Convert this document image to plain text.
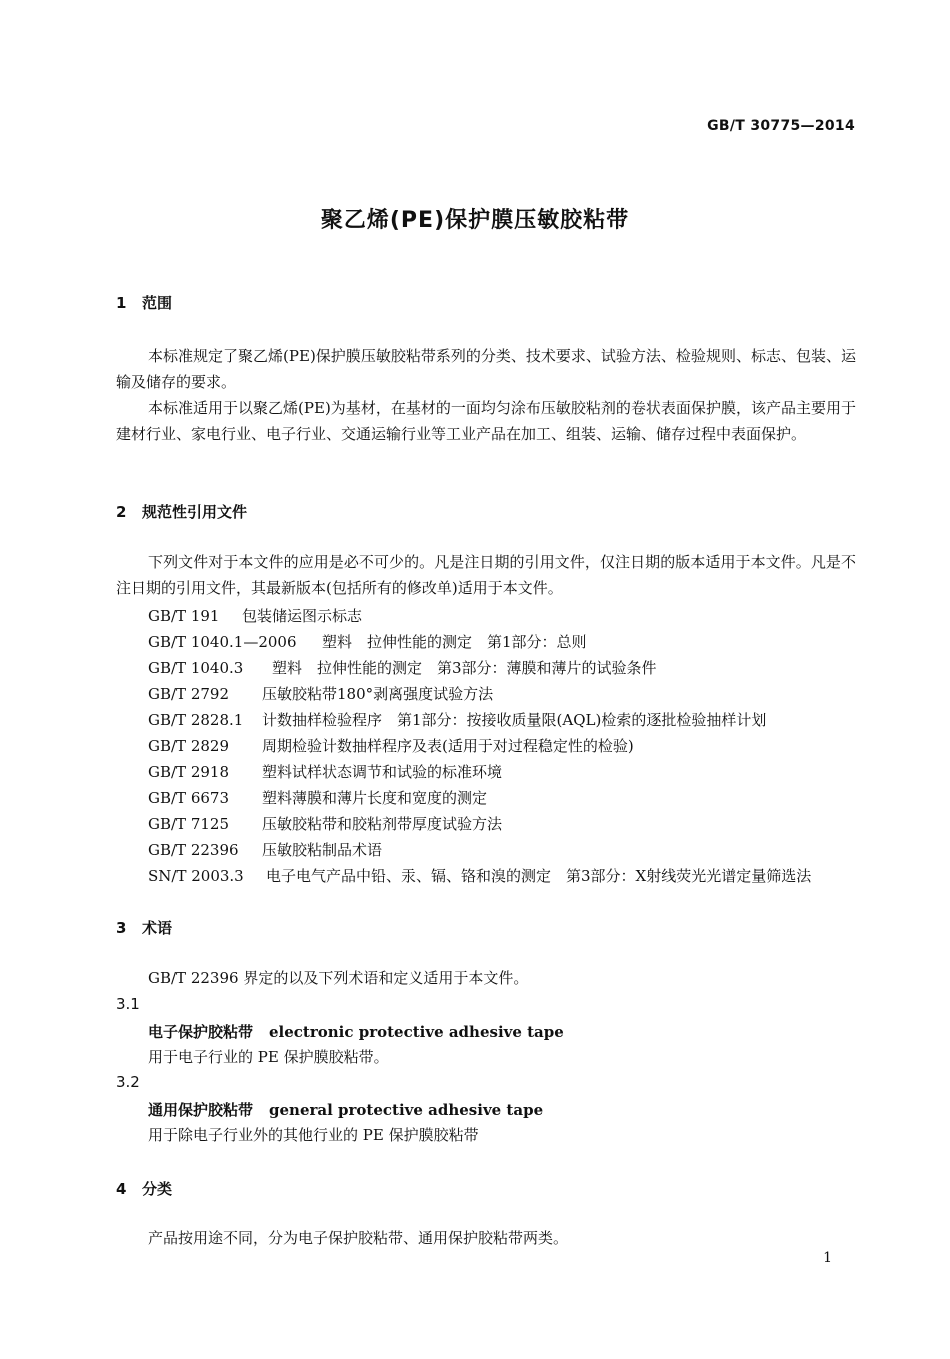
GB/T 30775—2014
聚乙烯(PE)保护膜压敏胶粘带
1 范围

本标准规定了聚乙烯(PE)保护膜压敏胶粘带系列的分类、技术要求、试验方法、检验规则、标志、包装、运输及储存的要求。

本标准适用于以聚乙烯(PE)为基材，在基材的一面均匀涂布压敏胶粘剂的卷状表面保护膜，该产品主要用于建材行业、家电行业、电子行业、交通运输行业等工业产品在加工、组装、运输、储存过程中表面保护。

2 规范性引用文件

下列文件对于本文件的应用是必不可少的。凡是注日期的引用文件，仅注日期的版本适用于本文件。凡是不注日期的引用文件，其最新版本(包括所有的修改单)适用于本文件。

GB/T 191 包装储运图示标志
GB/T 1040.1—2006 塑料　拉伸性能的测定　第1部分：总则
GB/T 1040.3 塑料　拉伸性能的测定　第3部分：薄膜和薄片的试验条件
GB/T 2792 压敏胶粘带180°剥离强度试验方法
GB/T 2828.1 计数抽样检验程序　第1部分：按接收质量限(AQL)检索的逐批检验抽样计划
GB/T 2829 周期检验计数抽样程序及表(适用于对过程稳定性的检验)
GB/T 2918 塑料试样状态调节和试验的标准环境
GB/T 6673 塑料薄膜和薄片长度和宽度的测定
GB/T 7125 压敏胶粘带和胶粘剂带厚度试验方法
GB/T 22396 压敏胶粘制品术语
SN/T 2003.3 电子电气产品中铅、汞、镉、铬和溴的测定　第3部分：X射线荧光光谱定量筛选法
3 术语
GB/T 22396 界定的以及下列术语和定义适用于本文件。
3.1
电子保护胶粘带 electronic protective adhesive tape
用于电子行业的 PE 保护膜胶粘带。
3.2
通用保护胶粘带 general protective adhesive tape
用于除电子行业外的其他行业的 PE 保护膜胶粘带
4 分类
产品按用途不同，分为电子保护胶粘带、通用保护胶粘带两类。
1
